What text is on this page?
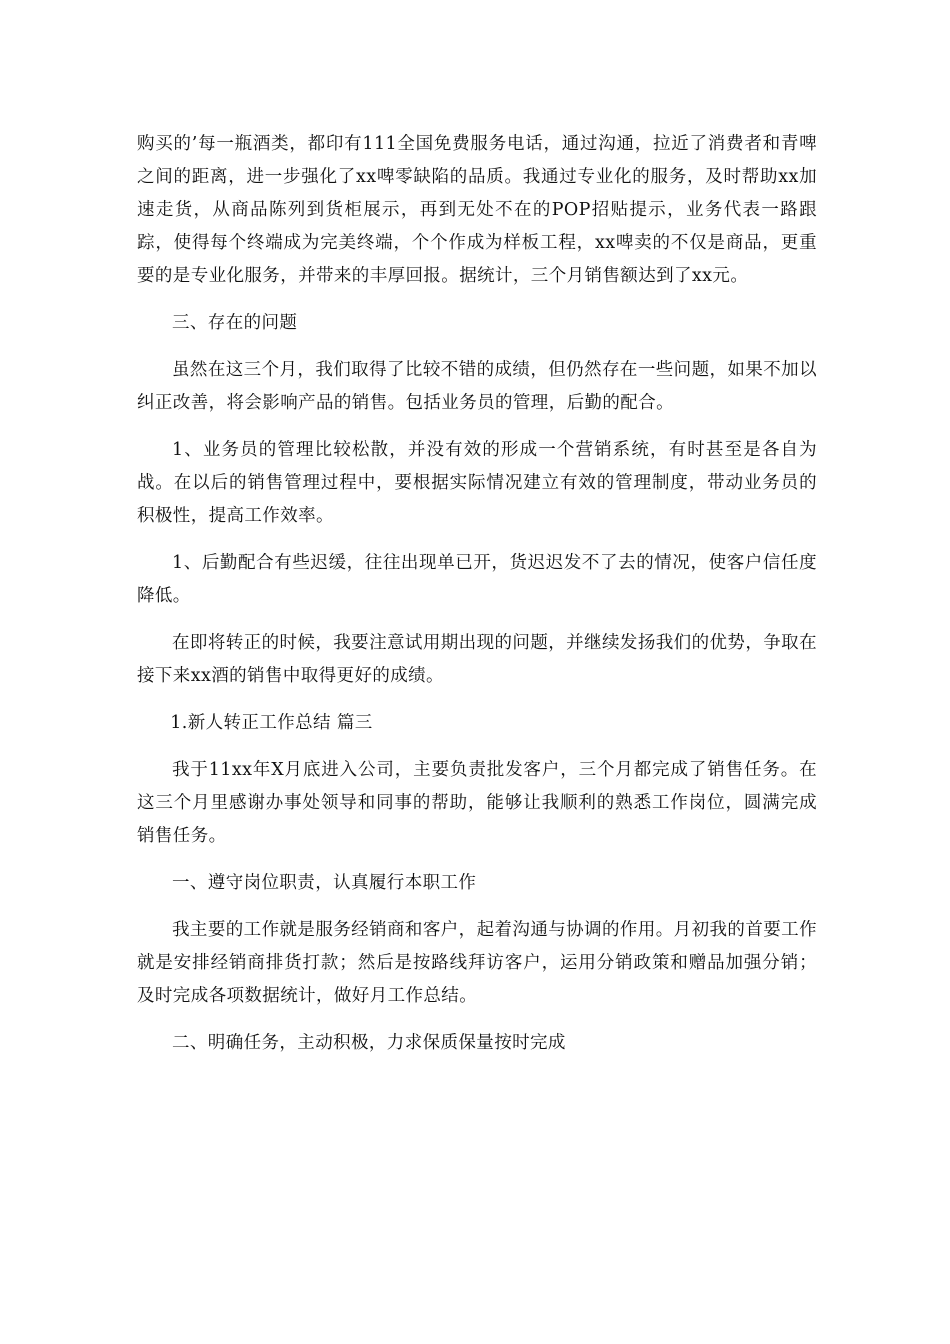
购买的’每一瓶酒类，都印有111全国免费服务电话，通过沟通，拉近了消费者和青啤之间的距离，进一步强化了xx啤零缺陷的品质。我通过专业化的服务，及时帮助xx加速走货，从商品陈列到货柜展示，再到无处不在的POP招贴提示，业务代表一路跟踪，使得每个终端成为完美终端，个个作成为样板工程，xx啤卖的不仅是商品，更重要的是专业化服务，并带来的丰厚回报。据统计，三个月销售额达到了xx元。

三、存在的问题

虽然在这三个月，我们取得了比较不错的成绩，但仍然存在一些问题，如果不加以纠正改善，将会影响产品的销售。包括业务员的管理，后勤的配合。

1、业务员的管理比较松散，并没有效的形成一个营销系统，有时甚至是各自为战。在以后的销售管理过程中，要根据实际情况建立有效的管理制度，带动业务员的积极性，提高工作效率。

1、后勤配合有些迟缓，往往出现单已开，货迟迟发不了去的情况，使客户信任度降低。

在即将转正的时候，我要注意试用期出现的问题，并继续发扬我们的优势，争取在接下来xx酒的销售中取得更好的成绩。

1.新人转正工作总结 篇三

我于11xx年X月底进入公司，主要负责批发客户，三个月都完成了销售任务。在这三个月里感谢办事处领导和同事的帮助，能够让我顺利的熟悉工作岗位，圆满完成销售任务。

一、遵守岗位职责，认真履行本职工作

我主要的工作就是服务经销商和客户，起着沟通与协调的作用。月初我的首要工作就是安排经销商排货打款；然后是按路线拜访客户，运用分销政策和赠品加强分销；及时完成各项数据统计，做好月工作总结。

二、明确任务，主动积极，力求保质保量按时完成
